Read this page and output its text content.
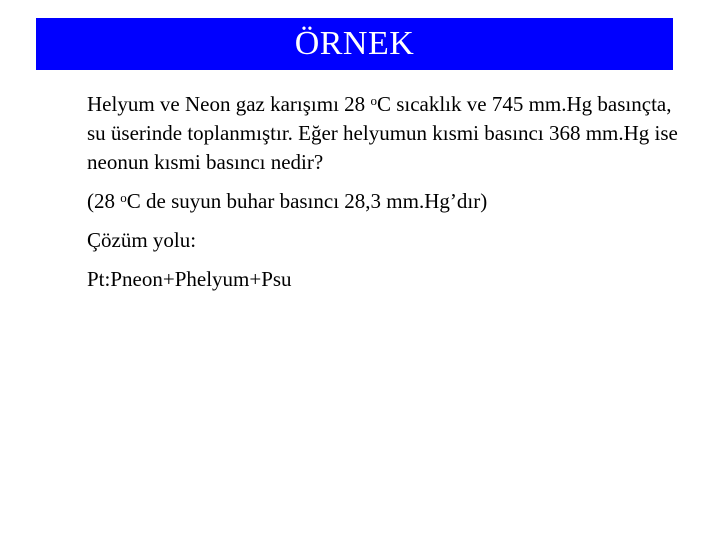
ÖRNEK

Helyum ve Neon gaz karışımı 28 $^o$C sıcaklık ve 745 mm.Hg basınçta, su üserinde toplanmıştır. Eğer helyumun kısmi basıncı 368 mm.Hg ise neonun kısmi basıncı nedir?

(28 $^o$C de suyun buhar basıncı 28,3 mm.Hg’dır)

Çözüm yolu:

Pt:Pneon+Phelyum+Psu
